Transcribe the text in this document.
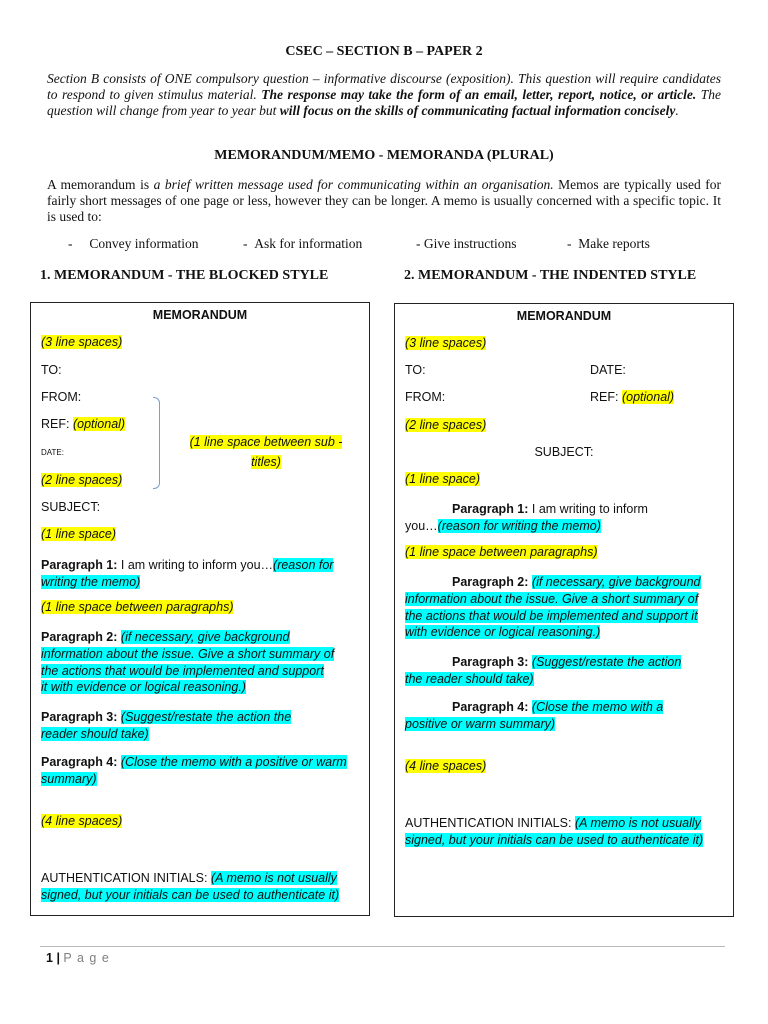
CSEC – SECTION B – PAPER 2
Section B consists of ONE compulsory question – informative discourse (exposition). This question will require candidates to respond to given stimulus material. The response may take the form of an email, letter, report, notice, or article. The question will change from year to year but will focus on the skills of communicating factual information concisely.
MEMORANDUM/MEMO - MEMORANDA (PLURAL)
A memorandum is a brief written message used for communicating within an organisation. Memos are typically used for fairly short messages of one page or less, however they can be longer. A memo is usually concerned with a specific topic. It is used to:
-     Convey information	-  Ask for information	- Give instructions	-  Make reports
1. MEMORANDUM - THE BLOCKED STYLE	2. MEMORANDUM - THE INDENTED STYLE
MEMORANDUM
(3 line spaces)
TO:
FROM:
REF: (optional)
DATE:
(1 line space between sub -
titles)
(2 line spaces)
SUBJECT:
(1 line space)
Paragraph 1: I am writing to inform you…(reason for
writing the memo)
(1 line space between paragraphs)
Paragraph 2: (if necessary, give background
information about the issue. Give a short summary of
the actions that would be implemented and support
it with evidence or logical reasoning.)
Paragraph 3: (Suggest/restate the action the
reader should take)
Paragraph 4: (Close the memo with a positive or warm
summary)
(4 line spaces)
AUTHENTICATION INITIALS: (A memo is not usually
signed, but your initials can be used to authenticate it)
MEMORANDUM
(3 line spaces)
TO:	DATE:
FROM:	REF: (optional)
(2 line spaces)
SUBJECT:
(1 line space)
Paragraph 1: I am writing to inform
you…(reason for writing the memo)
(1 line space between paragraphs)
Paragraph 2: (if necessary, give background
information about the issue. Give a short summary of
the actions that would be implemented and support it
with evidence or logical reasoning.)
Paragraph 3: (Suggest/restate the action
the reader should take)
Paragraph 4: (Close the memo with a
positive or warm summary)
(4 line spaces)
AUTHENTICATION INITIALS: (A memo is not usually
signed, but your initials can be used to authenticate it)
1 | P a g e
